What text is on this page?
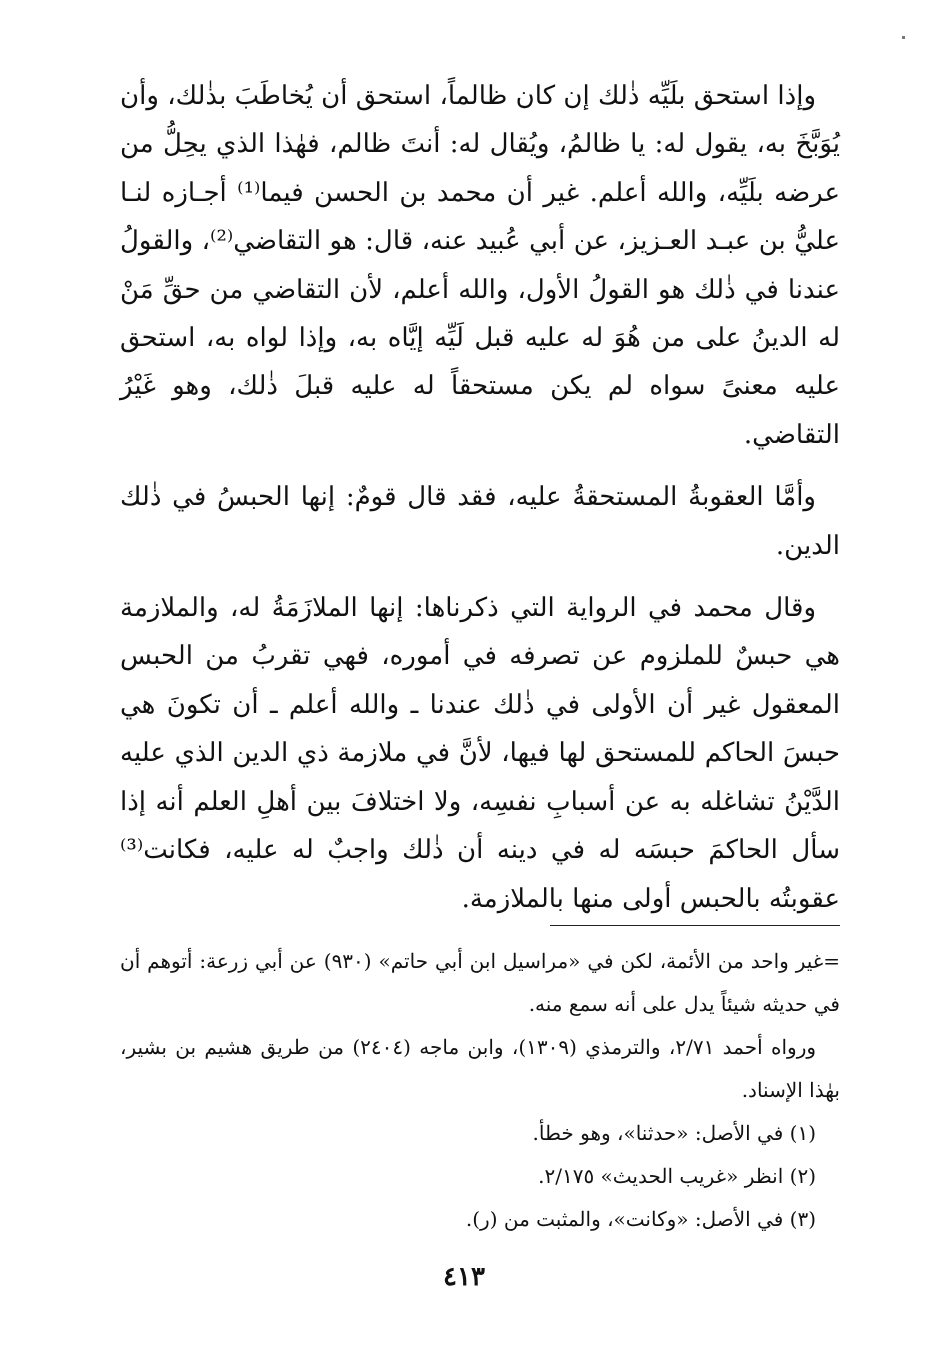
وإذا استحق بلَيِّه ذٰلك إن كان ظالماً، استحق أن يُخاطَبَ بذٰلك، وأن يُوَبَّخَ به، يقول له: يا ظالمُ، ويُقال له: أنتَ ظالم، فهٰذا الذي يحِلُّ من عرضه بلَيِّه، والله أعلم. غير أن محمد بن الحسن فيما⁽¹⁾ أجـازه لنـا عليُّ بن عبـد العـزيز، عن أبي عُبيد عنه، قال: هو التقاضي⁽²⁾، والقولُ عندنا في ذٰلك هو القولُ الأول، والله أعلم، لأن التقاضي من حقِّ مَنْ له الدينُ على من هُوَ له عليه قبل لَيِّه إيَّاه به، وإذا لواه به، استحق عليه معنىً سواه لم يكن مستحقاً له عليه قبلَ ذٰلك، وهو غَيْرُ التقاضي.

وأمَّا العقوبةُ المستحقةُ عليه، فقد قال قومٌ: إنها الحبسُ في ذٰلك الدين.

وقال محمد في الرواية التي ذكرناها: إنها الملازَمَةُ له، والملازمة هي حبسٌ للملزوم عن تصرفه في أموره، فهي تقربُ من الحبس المعقول غير أن الأولى في ذٰلك عندنا ـ والله أعلم ـ أن تكونَ هي حبسَ الحاكم للمستحق لها فيها، لأنَّ في ملازمة ذي الدين الذي عليه الدَّيْنُ تشاغله به عن أسبابِ نفسِه، ولا اختلافَ بين أهلِ العلم أنه إذا سأل الحاكمَ حبسَه له في دينه أن ذٰلك واجبٌ له عليه، فكانت⁽³⁾ عقوبتُه بالحبس أولى منها بالملازمة.

=غير واحد من الأئمة، لكن في «مراسيل ابن أبي حاتم» (٩٣٠) عن أبي زرعة: أتوهم أن في حديثه شيئاً يدل على أنه سمع منه.

ورواه أحمد ٢/٧١، والترمذي (١٣٠٩)، وابن ماجه (٢٤٠٤) من طريق هشيم بن بشير، بهٰذا الإسناد.

(١) في الأصل: «حدثنا»، وهو خطأ.

(٢) انظر «غريب الحديث» ٢/١٧٥.

(٣) في الأصل: «وكانت»، والمثبت من (ر).

٤١٣
